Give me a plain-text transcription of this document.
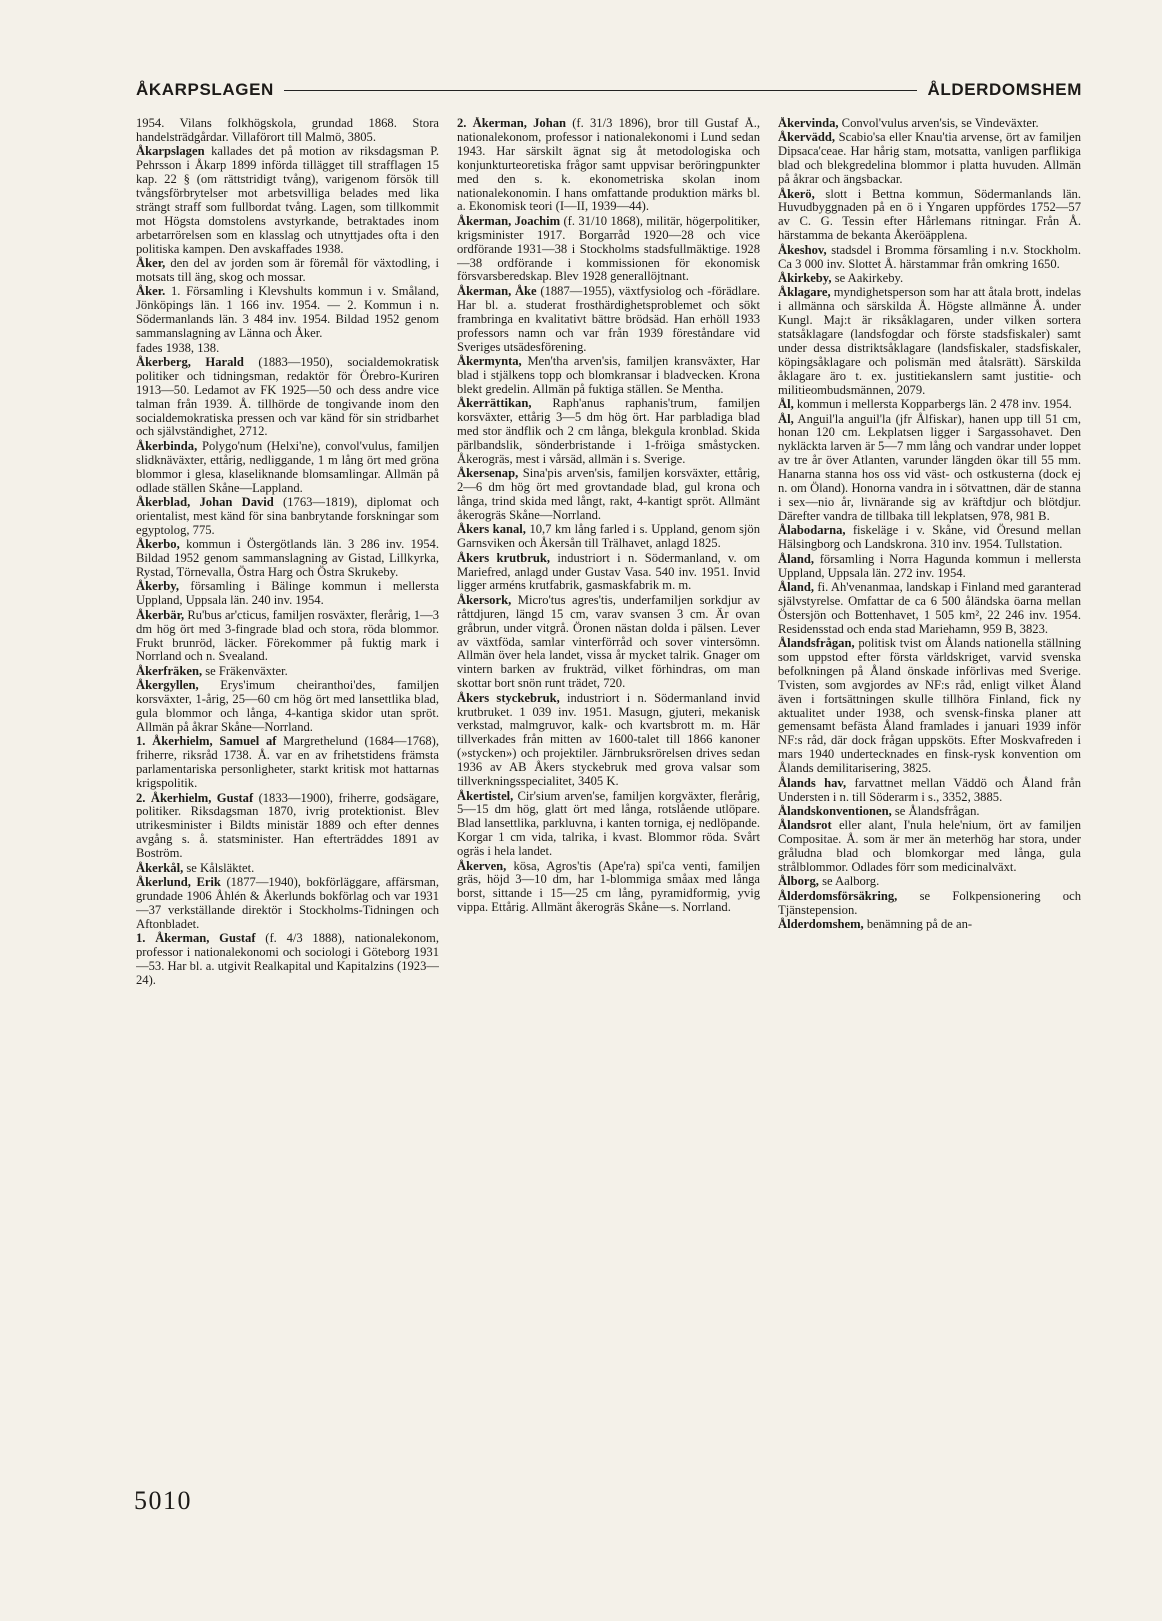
ÅKARPSLAGEN	ÅLDERDOMSHEM

1954. Vilans folkhögskola, grundad 1868. Stora handelsträdgårdar. Villaförort till Malmö, 3805.

Åkarpslagen kallades det på motion av riksdagsman P. Pehrsson i Åkarp 1899 införda tillägget till strafflagen 15 kap. 22 § (om rättstridigt tvång), varigenom försök till tvångsförbrytelser mot arbetsvilliga belades med lika strängt straff som fullbordat tvång. Lagen, som tillkommit mot Högsta domstolens avstyrkande, betraktades inom arbetarrörelsen som en klasslag och utnyttjades ofta i den politiska kampen. Den avskaffades 1938.

Åker, den del av jorden som är föremål för växtodling, i motsats till äng, skog och mossar.

Åker. 1. Församling i Klevshults kommun i v. Småland, Jönköpings län. 1 166 inv. 1954. — 2. Kommun i n. Södermanlands län. 3 484 inv. 1954. Bildad 1952 genom sammanslagning av Länna och Åker.

fades 1938, 138.

Åkerberg, Harald (1883—1950), socialdemokratisk politiker och tidningsman, redaktör för Örebro-Kuriren 1913—50. Ledamot av FK 1925—50 och dess andre vice talman från 1939. Å. tillhörde de tongivande inom den socialdemokratiska pressen och var känd för sin stridbarhet och självständighet, 2712.

Åkerbinda, Polygo'num (Helxi'ne), convol'vulus, familjen slidknäväxter, ettårig, nedliggande, 1 m lång ört med gröna blommor i glesa, klaseliknande blomsamlingar. Allmän på odlade ställen Skåne—Lappland.

Åkerblad, Johan David (1763—1819), diplomat och orientalist, mest känd för sina banbrytande forskningar som egyptolog, 775.

Åkerbo, kommun i Östergötlands län. 3 286 inv. 1954. Bildad 1952 genom sammanslagning av Gistad, Lillkyrka, Rystad, Törnevalla, Östra Harg och Östra Skrukeby.

Åkerby, församling i Bälinge kommun i mellersta Uppland, Uppsala län. 240 inv. 1954.

Åkerbär, Ru'bus ar'cticus, familjen rosväxter, flerårig, 1—3 dm hög ört med 3-fingrade blad och stora, röda blommor. Frukt brunröd, läcker. Förekommer på fuktig mark i Norrland och n. Svealand.

Åkerfräken, se Fräkenväxter.

Åkergyllen, Erys'imum cheiranthoi'des, familjen korsväxter, 1-årig, 25—60 cm hög ört med lansettlika blad, gula blommor och långa, 4-kantiga skidor utan spröt. Allmän på åkrar Skåne—Norrland.

1. Åkerhielm, Samuel af Margrethelund (1684—1768), friherre, riksråd 1738. Å. var en av frihetstidens främsta parlamentariska personligheter, starkt kritisk mot hattarnas krigspolitik.

2. Åkerhielm, Gustaf (1833—1900), friherre, godsägare, politiker. Riksdagsman 1870, ivrig protektionist. Blev utrikesminister i Bildts ministär 1889 och efter dennes avgång s. å. statsminister. Han efterträddes 1891 av Boström.

Åkerkål, se Kålsläktet.

Åkerlund, Erik (1877—1940), bokförläggare, affärsman, grundade 1906 Åhlén & Åkerlunds bokförlag och var 1931—37 verkställande direktör i Stockholms-Tidningen och Aftonbladet.

1. Åkerman, Gustaf (f. 4/3 1888), nationalekonom, professor i nationalekonomi och sociologi i Göteborg 1931—53. Har bl. a. utgivit Realkapital und Kapitalzins (1923—24).

2. Åkerman, Johan (f. 31/3 1896), bror till Gustaf Å., nationalekonom, professor i nationalekonomi i Lund sedan 1943. Har särskilt ägnat sig åt metodologiska och konjunkturteoretiska frågor samt uppvisar beröringpunkter med den s. k. ekonometriska skolan inom nationalekonomin. I hans omfattande produktion märks bl. a. Ekonomisk teori (I—II, 1939—44).

Åkerman, Joachim (f. 31/10 1868), militär, högerpolitiker, krigsminister 1917. Borgarråd 1920—28 och vice ordförande 1931—38 i Stockholms stadsfullmäktige. 1928—38 ordförande i kommissionen för ekonomisk försvarsberedskap. Blev 1928 generallöjtnant.

Åkerman, Åke (1887—1955), växtfysiolog och -förädlare. Har bl. a. studerat frosthärdighetsproblemet och sökt frambringa en kvalitativt bättre brödsäd. Han erhöll 1933 professors namn och var från 1939 föreståndare vid Sveriges utsädesförening.

Åkermynta, Men'tha arven'sis, familjen kransväxter, Har blad i stjälkens topp och blomkransar i bladvecken. Krona blekt gredelin. Allmän på fuktiga ställen. Se Mentha.

Åkerrättikan, Raph'anus raphanis'trum, familjen korsväxter, ettårig 3—5 dm hög ört. Har parbladiga blad med stor ändflik och 2 cm långa, blekgula kronblad. Skida pärlbandslik, sönderbristande i 1-fröiga småstycken. Åkerogräs, mest i vårsäd, allmän i s. Sverige.

Åkersenap, Sina'pis arven'sis, familjen korsväxter, ettårig, 2—6 dm hög ört med grovtandade blad, gul krona och långa, trind skida med långt, rakt, 4-kantigt spröt. Allmänt åkerogräs Skåne—Norrland.

Åkers kanal, 10,7 km lång farled i s. Uppland, genom sjön Garnsviken och Åkersån till Trälhavet, anlagd 1825.

Åkers krutbruk, industriort i n. Södermanland, v. om Mariefred, anlagd under Gustav Vasa. 540 inv. 1951. Invid ligger arméns krutfabrik, gasmaskfabrik m. m.

Åkersork, Micro'tus agres'tis, underfamiljen sorkdjur av råttdjuren, längd 15 cm, varav svansen 3 cm. Är ovan gråbrun, under vitgrå. Öronen nästan dolda i pälsen. Lever av växtföda, samlar vinterförråd och sover vintersömn. Allmän över hela landet, vissa år mycket talrik. Gnager om vintern barken av frukträd, vilket förhindras, om man skottar bort snön runt trädet, 720.

Åkers styckebruk, industriort i n. Södermanland invid krutbruket. 1 039 inv. 1951. Masugn, gjuteri, mekanisk verkstad, malmgruvor, kalk- och kvartsbrott m. m. Här tillverkades från mitten av 1600-talet till 1866 kanoner (»stycken») och projektiler. Järnbruksrörelsen drives sedan 1936 av AB Åkers styckebruk med grova valsar som tillverkningsspecialitet, 3405 K.

Åkertistel, Cir'sium arven'se, familjen korgväxter, flerårig, 5—15 dm hög, glatt ört med långa, rotslående utlöpare. Blad lansettlika, parkluvna, i kanten torniga, ej nedlöpande. Korgar 1 cm vida, talrika, i kvast. Blommor röda. Svårt ogräs i hela landet.

Åkerven, kösa, Agros'tis (Ape'ra) spi'ca venti, familjen gräs, höjd 3—10 dm, har 1-blommiga småax med långa borst, sittande i 15—25 cm lång, pyramidformig, yvig vippa. Ettårig. Allmänt åkerogräs Skåne—s. Norrland.

Åkervinda, Convol'vulus arven'sis, se Vindeväxter.

Åkervädd, Scabio'sa eller Knau'tia arvense, ört av familjen Dipsaca'ceae. Har hårig stam, motsatta, vanligen parflikiga blad och blekgredelina blommor i platta huvuden. Allmän på åkrar och ängsbackar.

Åkerö, slott i Bettna kommun, Södermanlands län. Huvudbyggnaden på en ö i Yngaren uppfördes 1752—57 av C. G. Tessin efter Hårlemans ritningar. Från Å. härstamma de bekanta Åkeröäpplena.

Åkeshov, stadsdel i Bromma församling i n.v. Stockholm. Ca 3 000 inv. Slottet Å. härstammar från omkring 1650.

Åkirkeby, se Aakirkeby.

Åklagare, myndighetsperson som har att åtala brott, indelas i allmänna och särskilda Å. Högste allmänne Å. under Kungl. Maj:t är riksåklagaren, under vilken sortera statsåklagare (landsfogdar och förste stadsfiskaler) samt under dessa distriktsåklagare (landsfiskaler, stadsfiskaler, köpingsåklagare och polismän med åtalsrätt). Särskilda åklagare äro t. ex. justitiekanslern samt justitie- och militieombudsmännen, 2079.

Ål, kommun i mellersta Kopparbergs län. 2 478 inv. 1954.

Ål, Anguil'la anguil'la (jfr Ålfiskar), hanen upp till 51 cm, honan 120 cm. Lekplatsen ligger i Sargassohavet. Den nykläckta larven är 5—7 mm lång och vandrar under loppet av tre år över Atlanten, varunder längden ökar till 55 mm. Hanarna stanna hos oss vid väst- och ostkusterna (dock ej n. om Öland). Honorna vandra in i sötvattnen, där de stanna i sex—nio år, livnärande sig av kräftdjur och blötdjur. Därefter vandra de tillbaka till lekplatsen, 978, 981 B.

Ålabodarna, fiskeläge i v. Skåne, vid Öresund mellan Hälsingborg och Landskrona. 310 inv. 1954. Tullstation.

Åland, församling i Norra Hagunda kommun i mellersta Uppland, Uppsala län. 272 inv. 1954.

Åland, fi. Ah'venanmaa, landskap i Finland med garanterad självstyrelse. Omfattar de ca 6 500 åländska öarna mellan Östersjön och Bottenhavet, 1 505 km², 22 246 inv. 1954. Residensstad och enda stad Mariehamn, 959 B, 3823.

Ålandsfrågan, politisk tvist om Ålands nationella ställning som uppstod efter första världskriget, varvid svenska befolkningen på Åland önskade införlivas med Sverige. Tvisten, som avgjordes av NF:s råd, enligt vilket Åland även i fortsättningen skulle tillhöra Finland, fick ny aktualitet under 1938, och svensk-finska planer att gemensamt befästa Åland framlades i januari 1939 inför NF:s råd, där dock frågan uppsköts. Efter Moskvafreden i mars 1940 undertecknades en finsk-rysk konvention om Ålands demilitarisering, 3825.

Ålands hav, farvattnet mellan Väddö och Åland från Understen i n. till Söderarm i s., 3352, 3885.

Ålandskonventionen, se Ålandsfrågan.

Ålandsrot eller alant, I'nula hele'nium, ört av familjen Compositae. Å. som är mer än meterhög har stora, under gråludna blad och blomkorgar med långa, gula strålblommor. Odlades förr som medicinalväxt.

Ålborg, se Aalborg.

Ålderdomsförsäkring, se Folkpensionering och Tjänstepension.

Ålderdomshem, benämning på de an-

5010
